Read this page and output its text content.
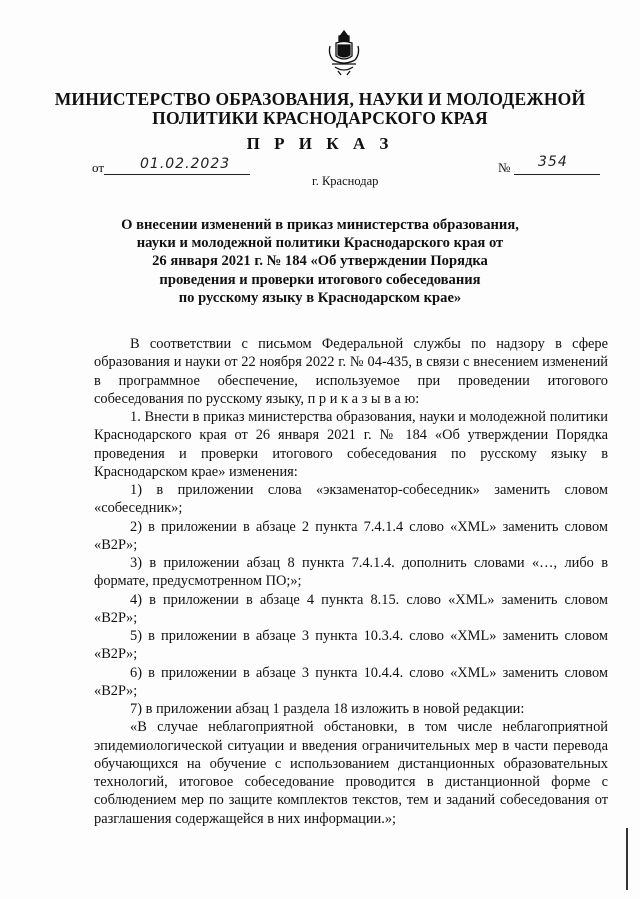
МИНИСТЕРСТВО ОБРАЗОВАНИЯ, НАУКИ И МОЛОДЕЖНОЙ
ПОЛИТИКИ КРАСНОДАРСКОГО КРАЯ
П Р И К А З
от	01.02.2023	№ 354
г. Краснодар
О внесении изменений в приказ министерства образования,
науки и молодежной политики Краснодарского края от
26 января 2021 г. № 184 «Об утверждении Порядка
проведения и проверки итогового собеседования
по русскому языку в Краснодарском крае»

В соответствии с письмом Федеральной службы по надзору в сфере образования и науки от 22 ноября 2022 г. № 04-435, в связи с внесением изменений в программное обеспечение, используемое при проведении итогового собеседования по русскому языку, п р и к а з ы в а ю:

1. Внести в приказ министерства образования, науки и молодежной политики Краснодарского края от 26 января 2021 г. № 184 «Об утверждении Порядка проведения и проверки итогового собеседования по русскому языку в Краснодарском крае» изменения:

1) в приложении слова «экзаменатор-собеседник» заменить словом «собеседник»;

2) в приложении в абзаце 2 пункта 7.4.1.4 слово «XML» заменить словом «B2P»;

3) в приложении абзац 8 пункта 7.4.1.4. дополнить словами «…, либо в формате, предусмотренном ПО;»;

4) в приложении в абзаце 4 пункта 8.15. слово «XML» заменить словом «B2P»;

5) в приложении в абзаце 3 пункта 10.3.4. слово «XML» заменить словом «B2P»;

6) в приложении в абзаце 3 пункта 10.4.4. слово «XML» заменить словом «B2P»;

7) в приложении абзац 1 раздела 18 изложить в новой редакции:

«В случае неблагоприятной обстановки, в том числе неблагоприятной эпидемиологической ситуации и введения ограничительных мер в части перевода обучающихся на обучение с использованием дистанционных образовательных технологий, итоговое собеседование проводится в дистанционной форме с соблюдением мер по защите комплектов текстов, тем и заданий собеседования от разглашения содержащейся в них информации.»;
